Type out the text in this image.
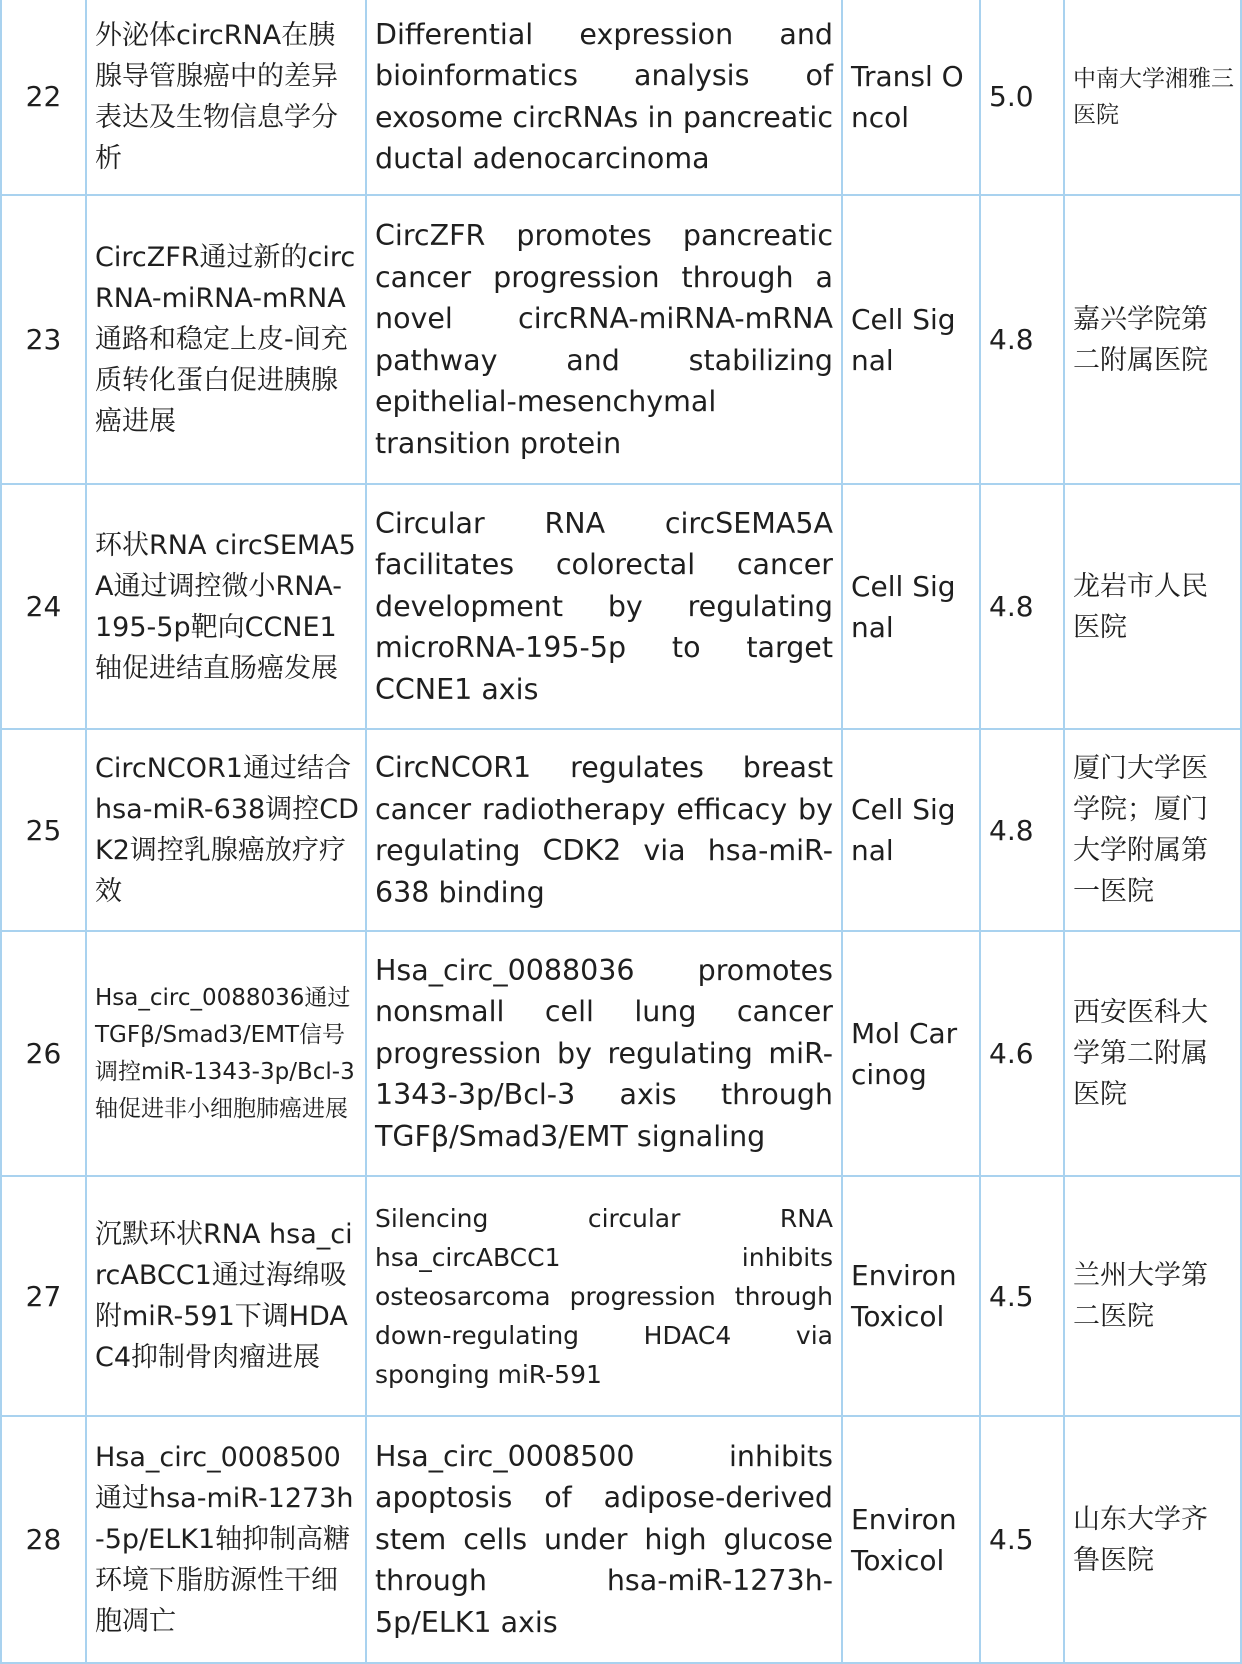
22	外泌体circRNA在胰腺导管腺癌中的差异表达及生物信息学分析	Differential expression and bioinformatics analysis of exosome circRNAs in pancreatic ductal adenocarcinoma	Transl Oncol	5.0	中南大学湘雅三医院
23	CircZFR通过新的circRNA-miRNA-mRNA通路和稳定上皮-间充质转化蛋白促进胰腺癌进展	CircZFR promotes pancreatic cancer progression through a novel circRNA-miRNA-mRNA pathway and stabilizing epithelial-mesenchymal transition protein	Cell Signal	4.8	嘉兴学院第二附属医院
24	环状RNA circSEMA5A通过调控微小RNA-195-5p靶向CCNE1轴促进结直肠癌发展	Circular RNA circSEMA5A facilitates colorectal cancer development by regulating microRNA-195-5p to target CCNE1 axis	Cell Signal	4.8	龙岩市人民医院
25	CircNCOR1通过结合hsa-miR-638调控CDK2调控乳腺癌放疗疗效	CircNCOR1 regulates breast cancer radiotherapy efficacy by regulating CDK2 via hsa-miR-638 binding	Cell Signal	4.8	厦门大学医学院；厦门大学附属第一医院
26	Hsa_circ_0088036通过TGFβ/Smad3/EMT信号调控miR-1343-3p/Bcl-3轴促进非小细胞肺癌进展	Hsa_circ_0088036 promotes nonsmall cell lung cancer progression by regulating miR-1343-3p/Bcl-3 axis through TGFβ/Smad3/EMT signaling	Mol Carcinog	4.6	西安医科大学第二附属医院
27	沉默环状RNA hsa_circABCC1通过海绵吸附miR-591下调HDAC4抑制骨肉瘤进展	Silencing circular RNA hsa_circABCC1 inhibits osteosarcoma progression through down-regulating HDAC4 via sponging miR-591	Environ Toxicol	4.5	兰州大学第二医院
28	Hsa_circ_0008500通过hsa-miR-1273h-5p/ELK1轴抑制高糖环境下脂肪源性干细胞凋亡	Hsa_circ_0008500 inhibits apoptosis of adipose-derived stem cells under high glucose through hsa-miR-1273h-5p/ELK1 axis	Environ Toxicol	4.5	山东大学齐鲁医院
